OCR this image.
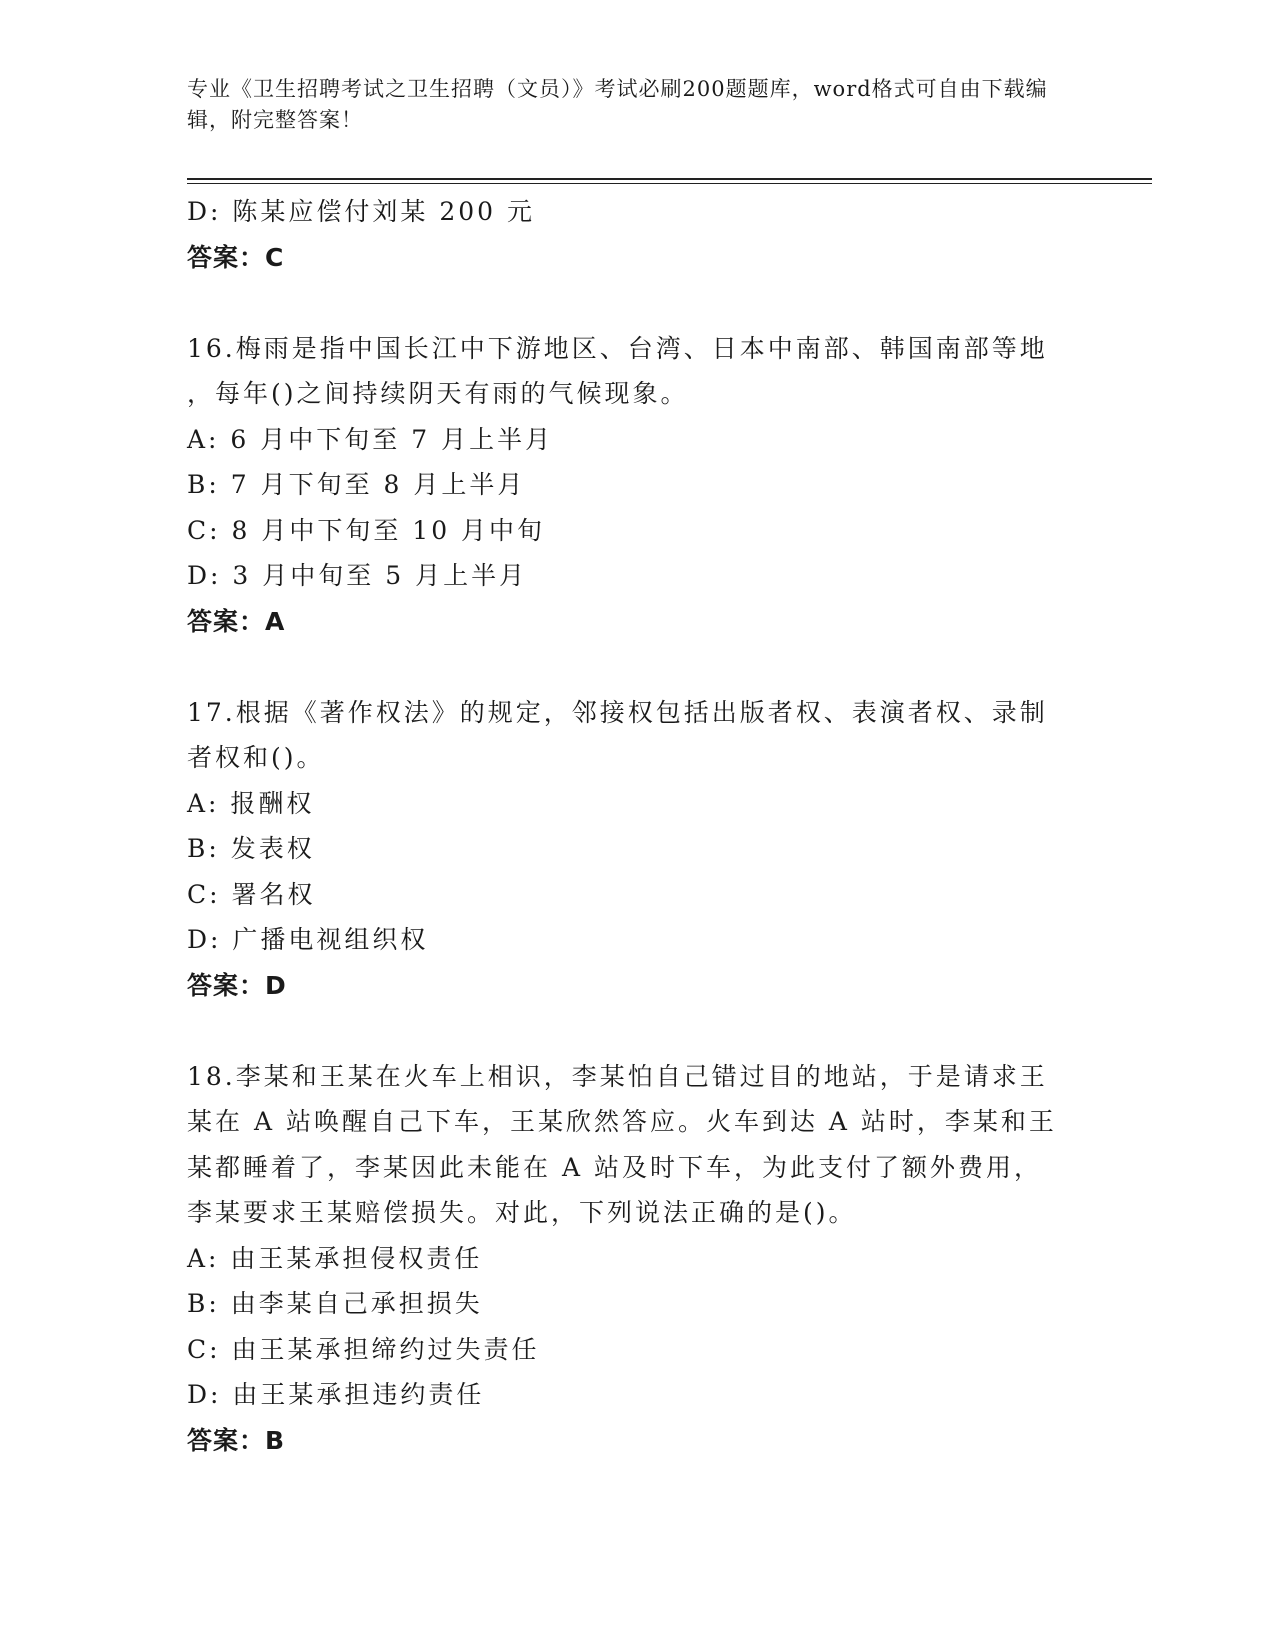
专业《卫生招聘考试之卫生招聘（文员）》考试必刷200题题库，word格式可自由下载编辑，附完整答案！
D: 陈某应偿付刘某 200 元
答案：C
16.梅雨是指中国长江中下游地区、台湾、日本中南部、韩国南部等地
，每年()之间持续阴天有雨的气候现象。
A: 6 月中下旬至 7 月上半月
B: 7 月下旬至 8 月上半月
C: 8 月中下旬至 10 月中旬
D: 3 月中旬至 5 月上半月
答案：A
17.根据《著作权法》的规定，邻接权包括出版者权、表演者权、录制
者权和()。
A: 报酬权
B: 发表权
C: 署名权
D: 广播电视组织权
答案：D
18.李某和王某在火车上相识，李某怕自己错过目的地站，于是请求王
某在 A 站唤醒自己下车，王某欣然答应。火车到达 A 站时，李某和王
某都睡着了，李某因此未能在 A 站及时下车，为此支付了额外费用，
李某要求王某赔偿损失。对此，下列说法正确的是()。
A: 由王某承担侵权责任
B: 由李某自己承担损失
C: 由王某承担缔约过失责任
D: 由王某承担违约责任
答案：B
